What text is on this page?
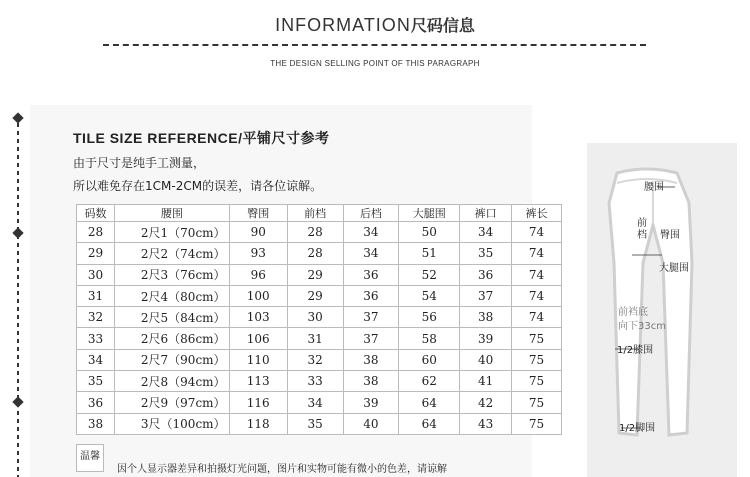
INFORMATION尺码信息
THE DESIGN SELLING POINT OF THIS PARAGRAPH
TILE SIZE REFERENCE/平铺尺寸参考
由于尺寸是纯手工测量，
所以难免存在1CM-2CM的误差，请各位谅解。
码数	腰围	臀围	前档	后档	大腿围	裤口	裤长
28	2尺1（70cm）	90	28	34	50	34	74
29	2尺2（74cm）	93	28	34	51	35	74
30	2尺3（76cm）	96	29	36	52	36	74
31	2尺4（80cm）	100	29	36	54	37	74
32	2尺5（84cm）	103	30	37	56	38	74
33	2尺6（86cm）	106	31	37	58	39	75
34	2尺7（90cm）	110	32	38	60	40	75
35	2尺8（94cm）	113	33	38	62	41	75
36	2尺9（97cm）	116	34	39	64	42	75
38	3尺（100cm）	118	35	40	64	43	75
温馨
因个人显示器差异和拍摄灯光问题，图片和实物可能有微小的色差，请谅解
腰围
前
档 臀围
大腿围
前裆底
向下33cm
1/2膝围
1/2脚围
